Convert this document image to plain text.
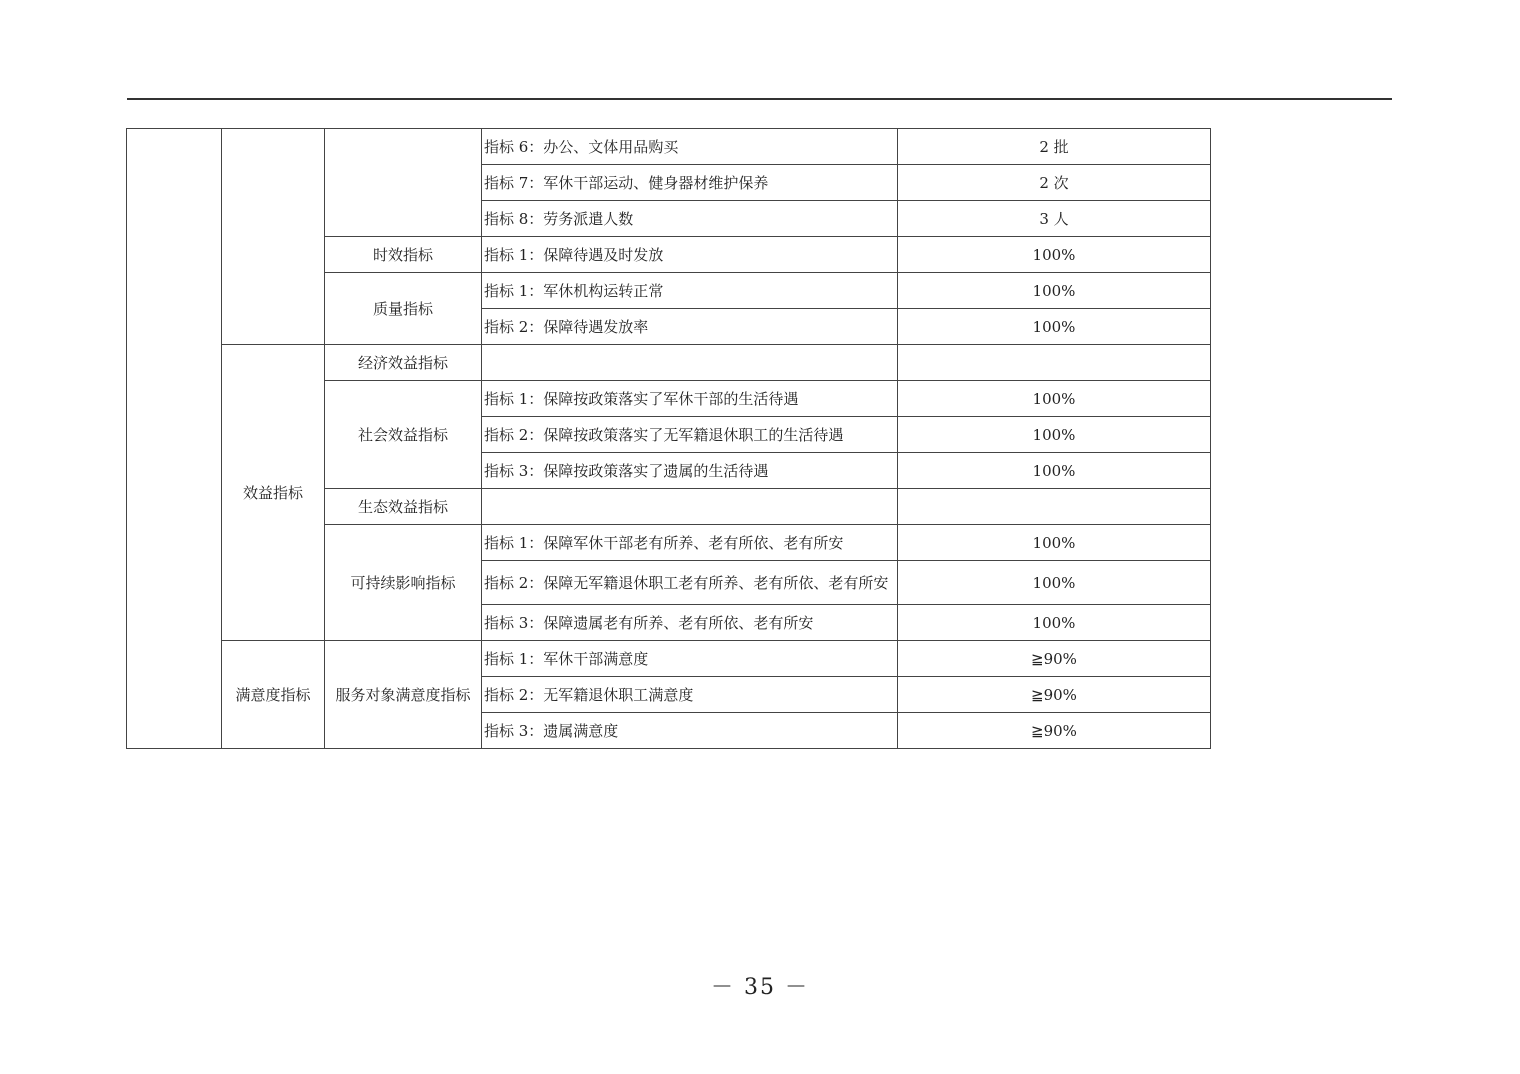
			指标 6：办公、文体用品购买	2 批
			指标 7：军休干部运动、健身器材维护保养	2 次
			指标 8：劳务派遣人数	3 人
		时效指标	指标 1：保障待遇及时发放	100%
		质量指标	指标 1：军休机构运转正常	100%
			指标 2：保障待遇发放率	100%
	效益指标	经济效益指标		
		社会效益指标	指标 1：保障按政策落实了军休干部的生活待遇	100%
			指标 2：保障按政策落实了无军籍退休职工的生活待遇	100%
			指标 3：保障按政策落实了遗属的生活待遇	100%
		生态效益指标		
		可持续影响指标	指标 1：保障军休干部老有所养、老有所依、老有所安	100%
			指标 2：保障无军籍退休职工老有所养、老有所依、老有所安	100%
			指标 3：保障遗属老有所养、老有所依、老有所安	100%
	满意度指标	服务对象满意度指标	指标 1：军休干部满意度	≧90%
			指标 2：无军籍退休职工满意度	≧90%
			指标 3：遗属满意度	≧90%
－ 35 －
